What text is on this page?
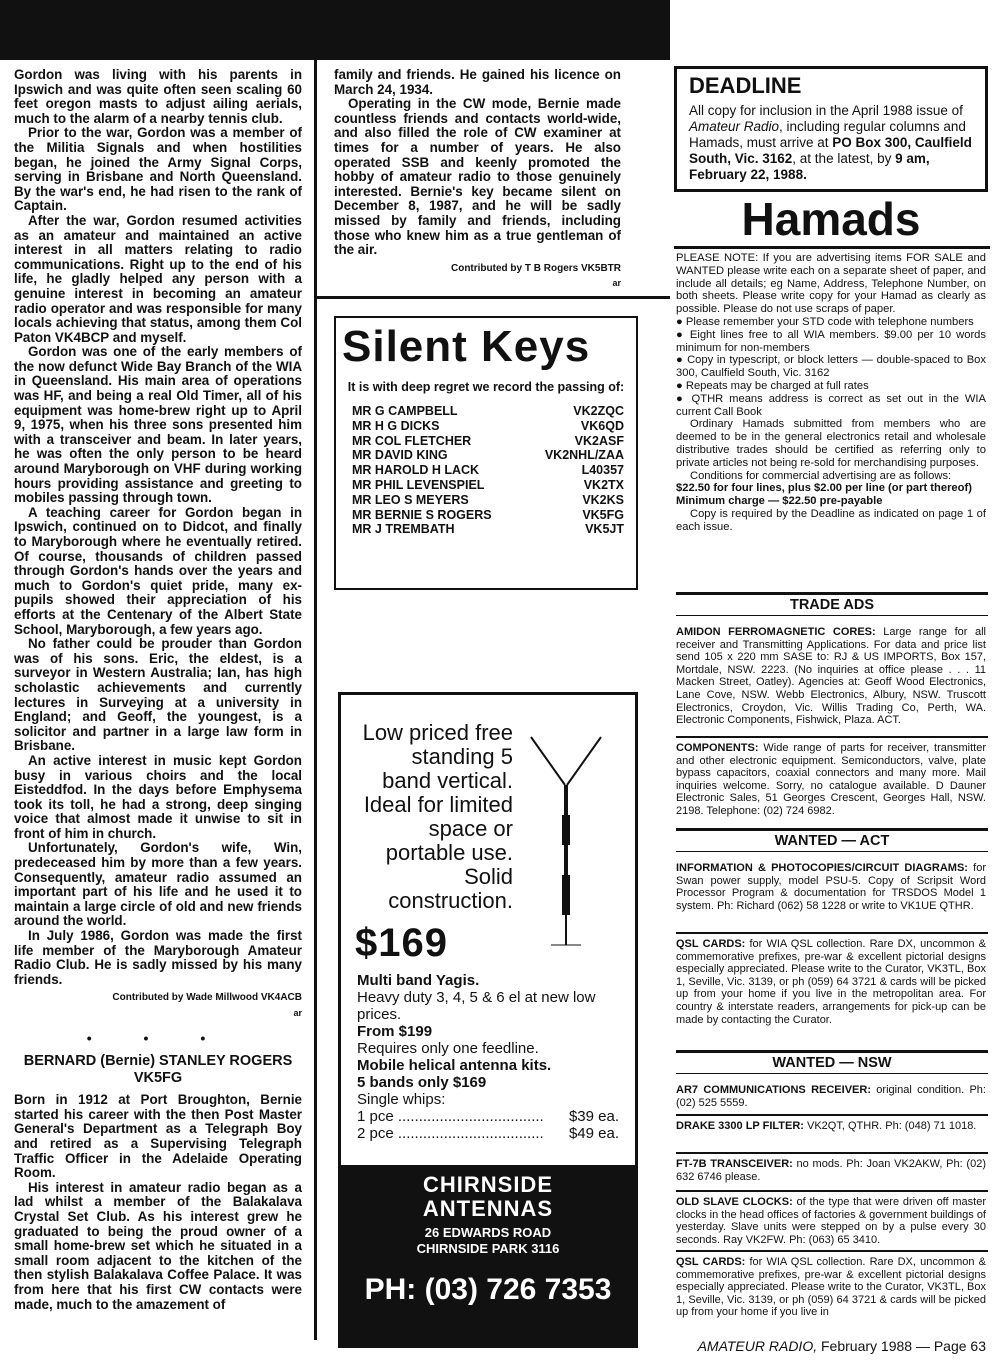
Gordon was living with his parents in Ipswich and was quite often seen scaling 60 feet oregon masts to adjust ailing aerials, much to the alarm of a nearby tennis club.

Prior to the war, Gordon was a member of the Militia Signals and when hostilities began, he joined the Army Signal Corps, serving in Brisbane and North Queensland. By the war's end, he had risen to the rank of Captain.

After the war, Gordon resumed activities as an amateur and maintained an active interest in all matters relating to radio communications. Right up to the end of his life, he gladly helped any person with a genuine interest in becoming an amateur radio operator and was responsible for many locals achieving that status, among them Col Paton VK4BCP and myself.

Gordon was one of the early members of the now defunct Wide Bay Branch of the WIA in Queensland. His main area of operations was HF, and being a real Old Timer, all of his equipment was home-brew right up to April 9, 1975, when his three sons presented him with a transceiver and beam. In later years, he was often the only person to be heard around Maryborough on VHF during working hours providing assistance and greeting to mobiles passing through town.

A teaching career for Gordon began in Ipswich, continued on to Didcot, and finally to Maryborough where he eventually retired. Of course, thousands of children passed through Gordon's hands over the years and much to Gordon's quiet pride, many ex-pupils showed their appreciation of his efforts at the Centenary of the Albert State School, Maryborough, a few years ago.

No father could be prouder than Gordon was of his sons. Eric, the eldest, is a surveyor in Western Australia; Ian, has high scholastic achievements and currently lectures in Surveying at a university in England; and Geoff, the youngest, is a solicitor and partner in a large law form in Brisbane.

An active interest in music kept Gordon busy in various choirs and the local Eisteddfod. In the days before Emphysema took its toll, he had a strong, deep singing voice that almost made it unwise to sit in front of him in church.

Unfortunately, Gordon's wife, Win, predeceased him by more than a few years. Consequently, amateur radio assumed an important part of his life and he used it to maintain a large circle of old and new friends around the world.

In July 1986, Gordon was made the first life member of the Maryborough Amateur Radio Club. He is sadly missed by his many friends.

Contributed by Wade Millwood VK4ACB
ar
• • •
BERNARD (Bernie) STANLEY ROGERS VK5FG

Born in 1912 at Port Broughton, Bernie started his career with the then Post Master General's Department as a Telegraph Boy and retired as a Supervising Telegraph Traffic Officer in the Adelaide Operating Room.

His interest in amateur radio began as a lad whilst a member of the Balakalava Crystal Set Club. As his interest grew he graduated to being the proud owner of a small home-brew set which he situated in a small room adjacent to the kitchen of the then stylish Balakalava Coffee Palace. It was from here that his first CW contacts were made, much to the amazement of

family and friends. He gained his licence on March 24, 1934.

Operating in the CW mode, Bernie made countless friends and contacts world-wide, and also filled the role of CW examiner at times for a number of years. He also operated SSB and keenly promoted the hobby of amateur radio to those genuinely interested. Bernie's key became silent on December 8, 1987, and he will be sadly missed by family and friends, including those who knew him as a true gentleman of the air.

Contributed by T B Rogers VK5BTR
ar
Silent Keys
It is with deep regret we record the passing of:
MR G CAMPBELL	VK2ZQC
MR H G DICKS	VK6QD
MR COL FLETCHER	VK2ASF
MR DAVID KING	VK2NHL/ZAA
MR HAROLD H LACK	L40357
MR PHIL LEVENSPIEL	VK2TX
MR LEO S MEYERS	VK2KS
MR BERNIE S ROGERS	VK5FG
MR J TREMBATH	VK5JT
Low priced free
standing 5
band vertical.
Ideal for limited
space or
portable use.
Solid
construction.
$169
Multi band Yagis.
Heavy duty 3, 4, 5 & 6 el at new low prices.
From $199
Requires only one feedline.
Mobile helical antenna kits.
5 bands only $169
Single whips:
1 pce ................................... $39 ea.
2 pce ................................... $49 ea.
CHIRNSIDE
ANTENNAS
26 EDWARDS ROAD
CHIRNSIDE PARK 3116
PH: (03) 726 7353
DEADLINE

All copy for inclusion in the April 1988 issue of Amateur Radio, including regular columns and Hamads, must arrive at PO Box 300, Caulfield South, Vic. 3162, at the latest, by 9 am, February 22, 1988.

Hamads

PLEASE NOTE: If you are advertising items FOR SALE and WANTED please write each on a separate sheet of paper, and include all details; eg Name, Address, Telephone Number, on both sheets. Please write copy for your Hamad as clearly as possible. Please do not use scraps of paper.

● Please remember your STD code with telephone numbers

● Eight lines free to all WIA members. $9.00 per 10 words minimum for non-members

● Copy in typescript, or block letters — double-spaced to Box 300, Caulfield South, Vic. 3162

● Repeats may be charged at full rates

● QTHR means address is correct as set out in the WIA current Call Book

Ordinary Hamads submitted from members who are deemed to be in the general electronics retail and wholesale distributive trades should be certified as referring only to private articles not being re-sold for merchandising purposes.

Conditions for commercial advertising are as follows:

$22.50 for four lines, plus $2.00 per line (or part thereof)

Minimum charge — $22.50 pre-payable

Copy is required by the Deadline as indicated on page 1 of each issue.

TRADE ADS

AMIDON FERROMAGNETIC CORES: Large range for all receiver and Transmitting Applications. For data and price list send 105 x 220 mm SASE to: RJ & US IMPORTS, Box 157, Mortdale, NSW. 2223. (No inquiries at office please . . . 11 Macken Street, Oatley). Agencies at: Geoff Wood Electronics, Lane Cove, NSW. Webb Electronics, Albury, NSW. Truscott Electronics, Croydon, Vic. Willis Trading Co, Perth, WA. Electronic Components, Fishwick, Plaza. ACT.

COMPONENTS: Wide range of parts for receiver, transmitter and other electronic equipment. Semiconductors, valve, plate bypass capacitors, coaxial connectors and many more. Mail inquiries welcome. Sorry, no catalogue available. D Dauner Electronic Sales, 51 Georges Crescent, Georges Hall, NSW. 2198. Telephone: (02) 724 6982.

WANTED — ACT

INFORMATION & PHOTOCOPIES/CIRCUIT DIAGRAMS: for Swan power supply, model PSU-5. Copy of Scripsit Word Processor Program & documentation for TRSDOS Model 1 system. Ph: Richard (062) 58 1228 or write to VK1UE QTHR.

QSL CARDS: for WIA QSL collection. Rare DX, uncommon & commemorative prefixes, pre-war & excellent pictorial designs especially appreciated. Please write to the Curator, VK3TL, Box 1, Seville, Vic. 3139, or ph (059) 64 3721 & cards will be picked up from your home if you live in the metropolitan area. For country & interstate readers, arrangements for pick-up can be made by contacting the Curator.

WANTED — NSW

AR7 COMMUNICATIONS RECEIVER: original condition. Ph: (02) 525 5559.

DRAKE 3300 LP FILTER: VK2QT, QTHR. Ph: (048) 71 1018.

FT-7B TRANSCEIVER: no mods. Ph: Joan VK2AKW, Ph: (02) 632 6746 please.

OLD SLAVE CLOCKS: of the type that were driven off master clocks in the head offices of factories & government buildings of yesterday. Slave units were stepped on by a pulse every 30 seconds. Ray VK2FW. Ph: (063) 65 3410.

QSL CARDS: for WIA QSL collection. Rare DX, uncommon & commemorative prefixes, pre-war & excellent pictorial designs especially appreciated. Please write to the Curator, VK3TL, Box 1, Seville, Vic. 3139, or ph (059) 64 3721 & cards will be picked up from your home if you live in

AMATEUR RADIO, February 1988 — Page 63
